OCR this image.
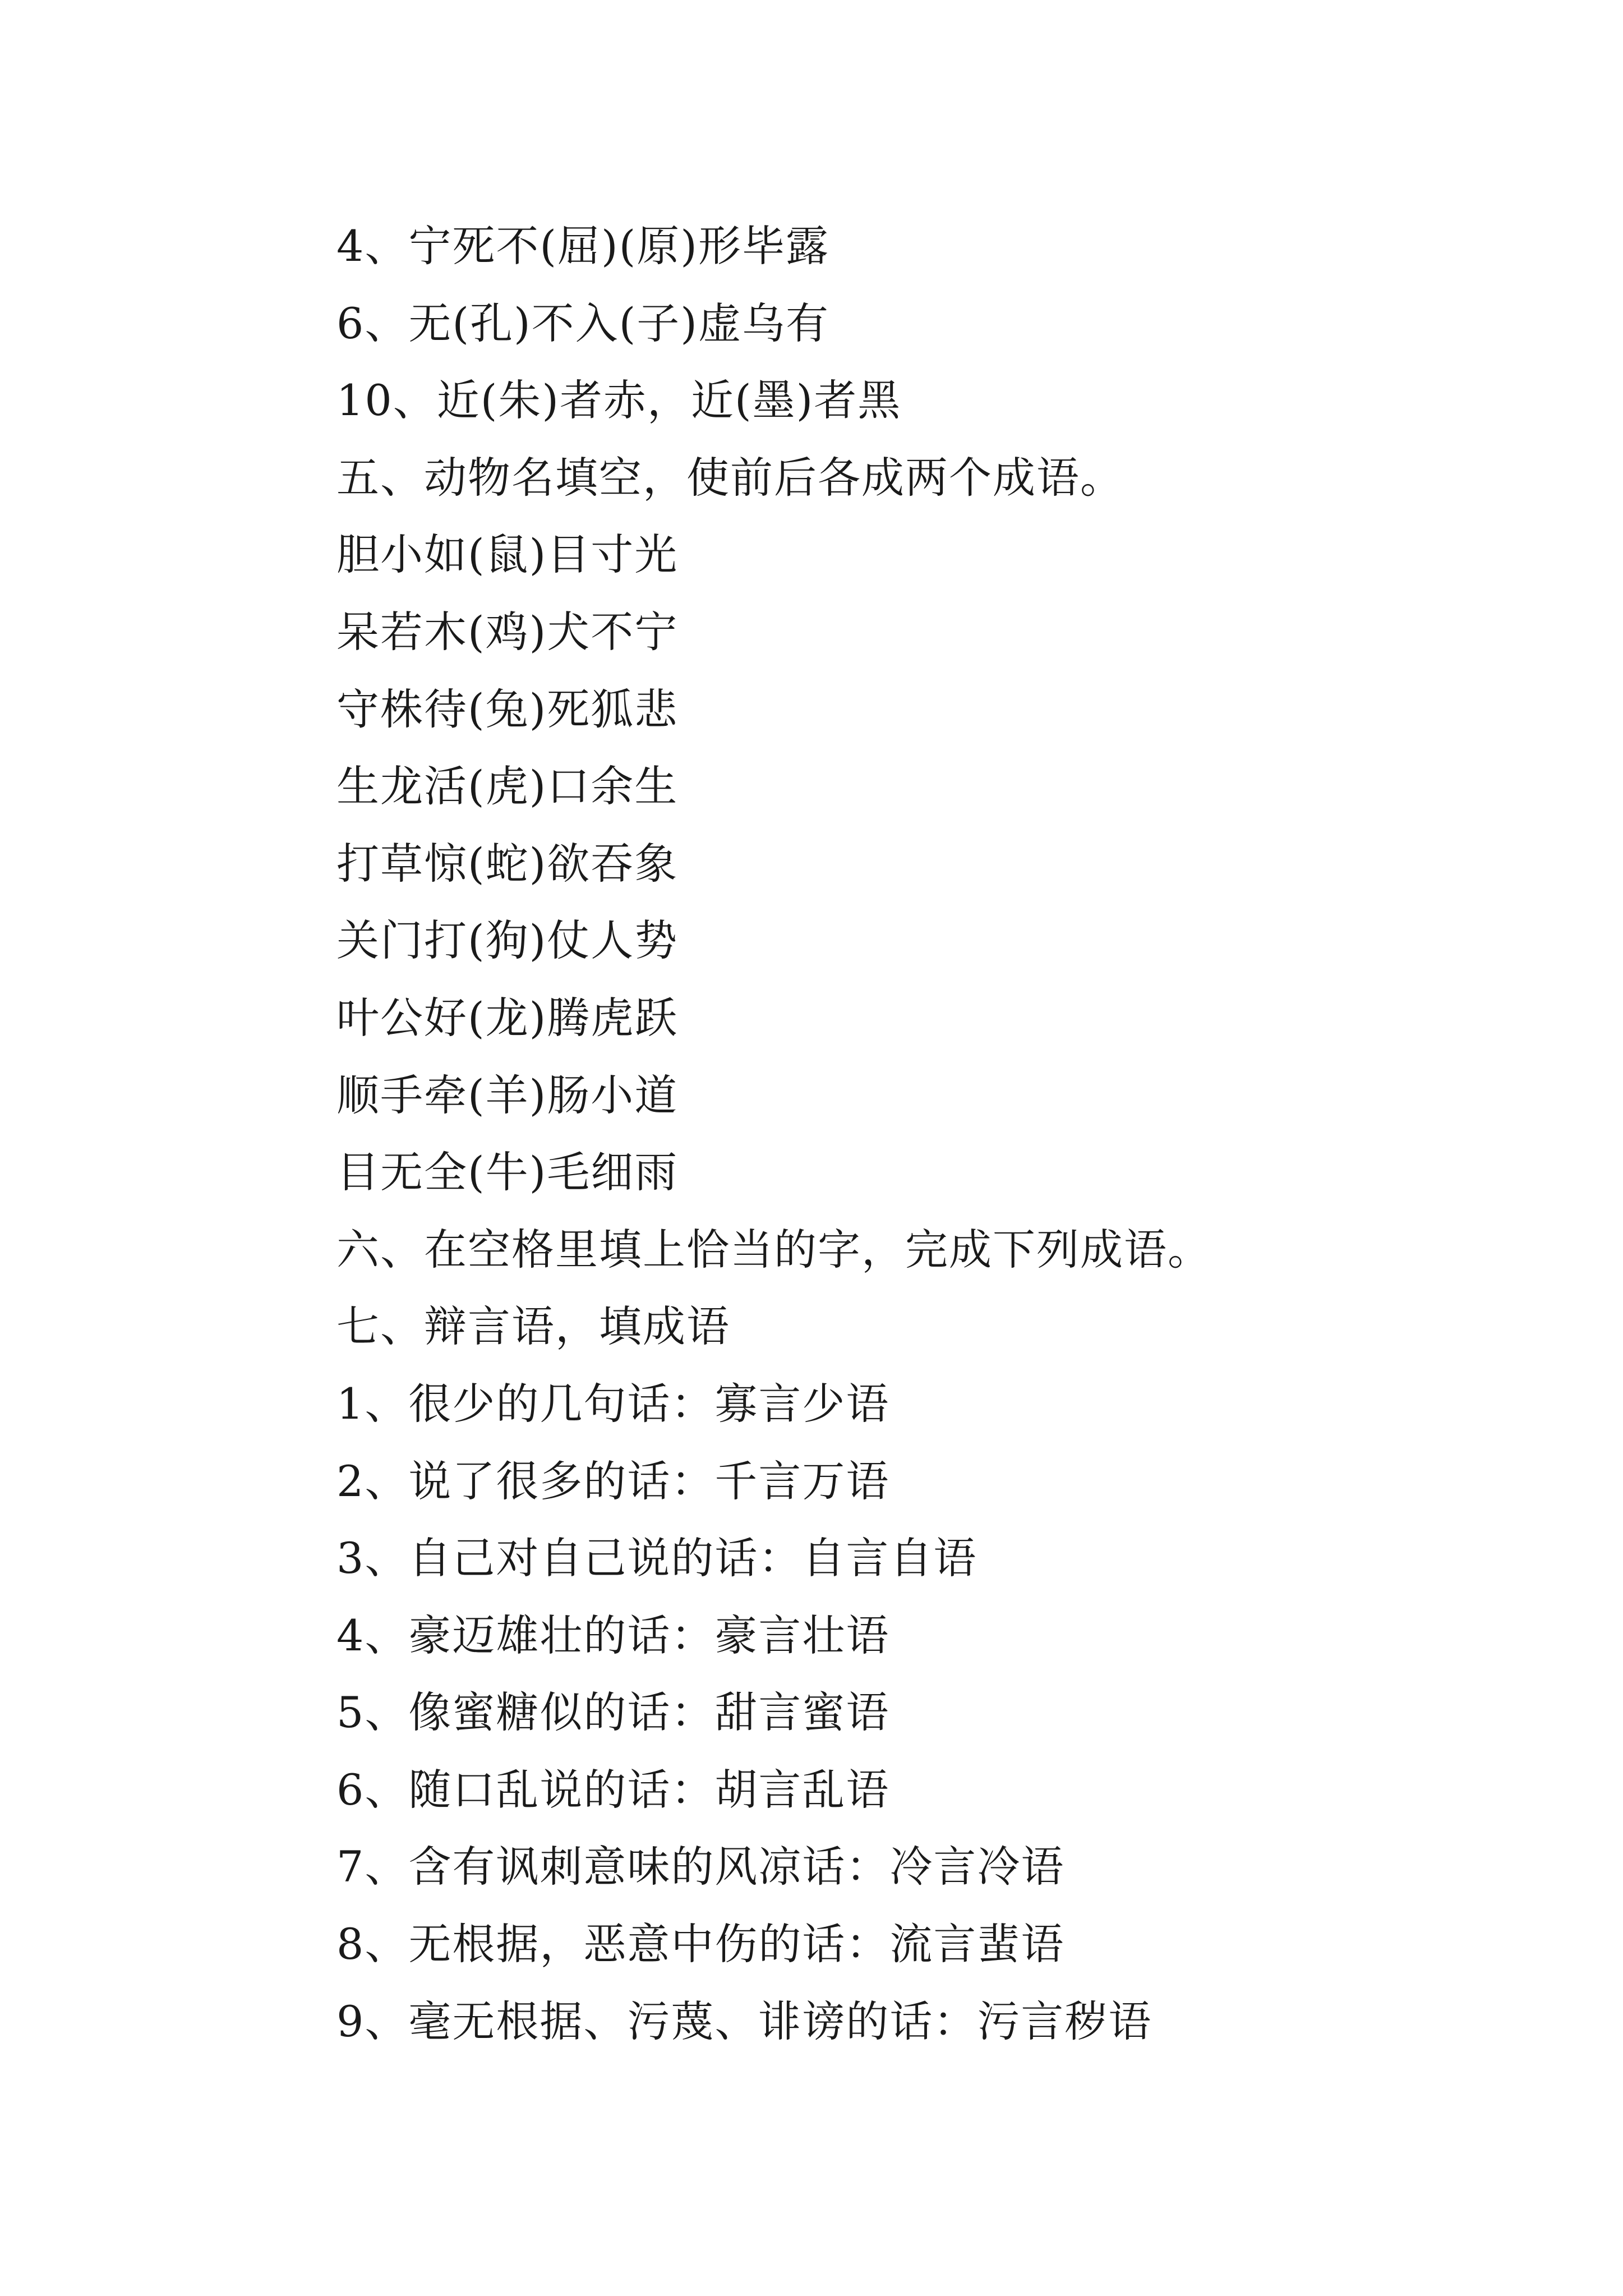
4、宁死不(屈)(原)形毕露
6、无(孔)不入(子)虚乌有
10、近(朱)者赤，近(墨)者黑
五、动物名填空，使前后各成两个成语。
胆小如(鼠)目寸光
呆若木(鸡)犬不宁
守株待(兔)死狐悲
生龙活(虎)口余生
打草惊(蛇)欲吞象
关门打(狗)仗人势
叶公好(龙)腾虎跃
顺手牵(羊)肠小道
目无全(牛)毛细雨
六、在空格里填上恰当的字，完成下列成语。
七、辩言语，填成语
1、很少的几句话：寡言少语
2、说了很多的话：千言万语
3、自己对自己说的话：自言自语
4、豪迈雄壮的话：豪言壮语
5、像蜜糖似的话：甜言蜜语
6、随口乱说的话：胡言乱语
7、含有讽刺意味的风凉话：冷言冷语
8、无根据，恶意中伤的话：流言蜚语
9、毫无根据、污蔑、诽谤的话：污言秽语
